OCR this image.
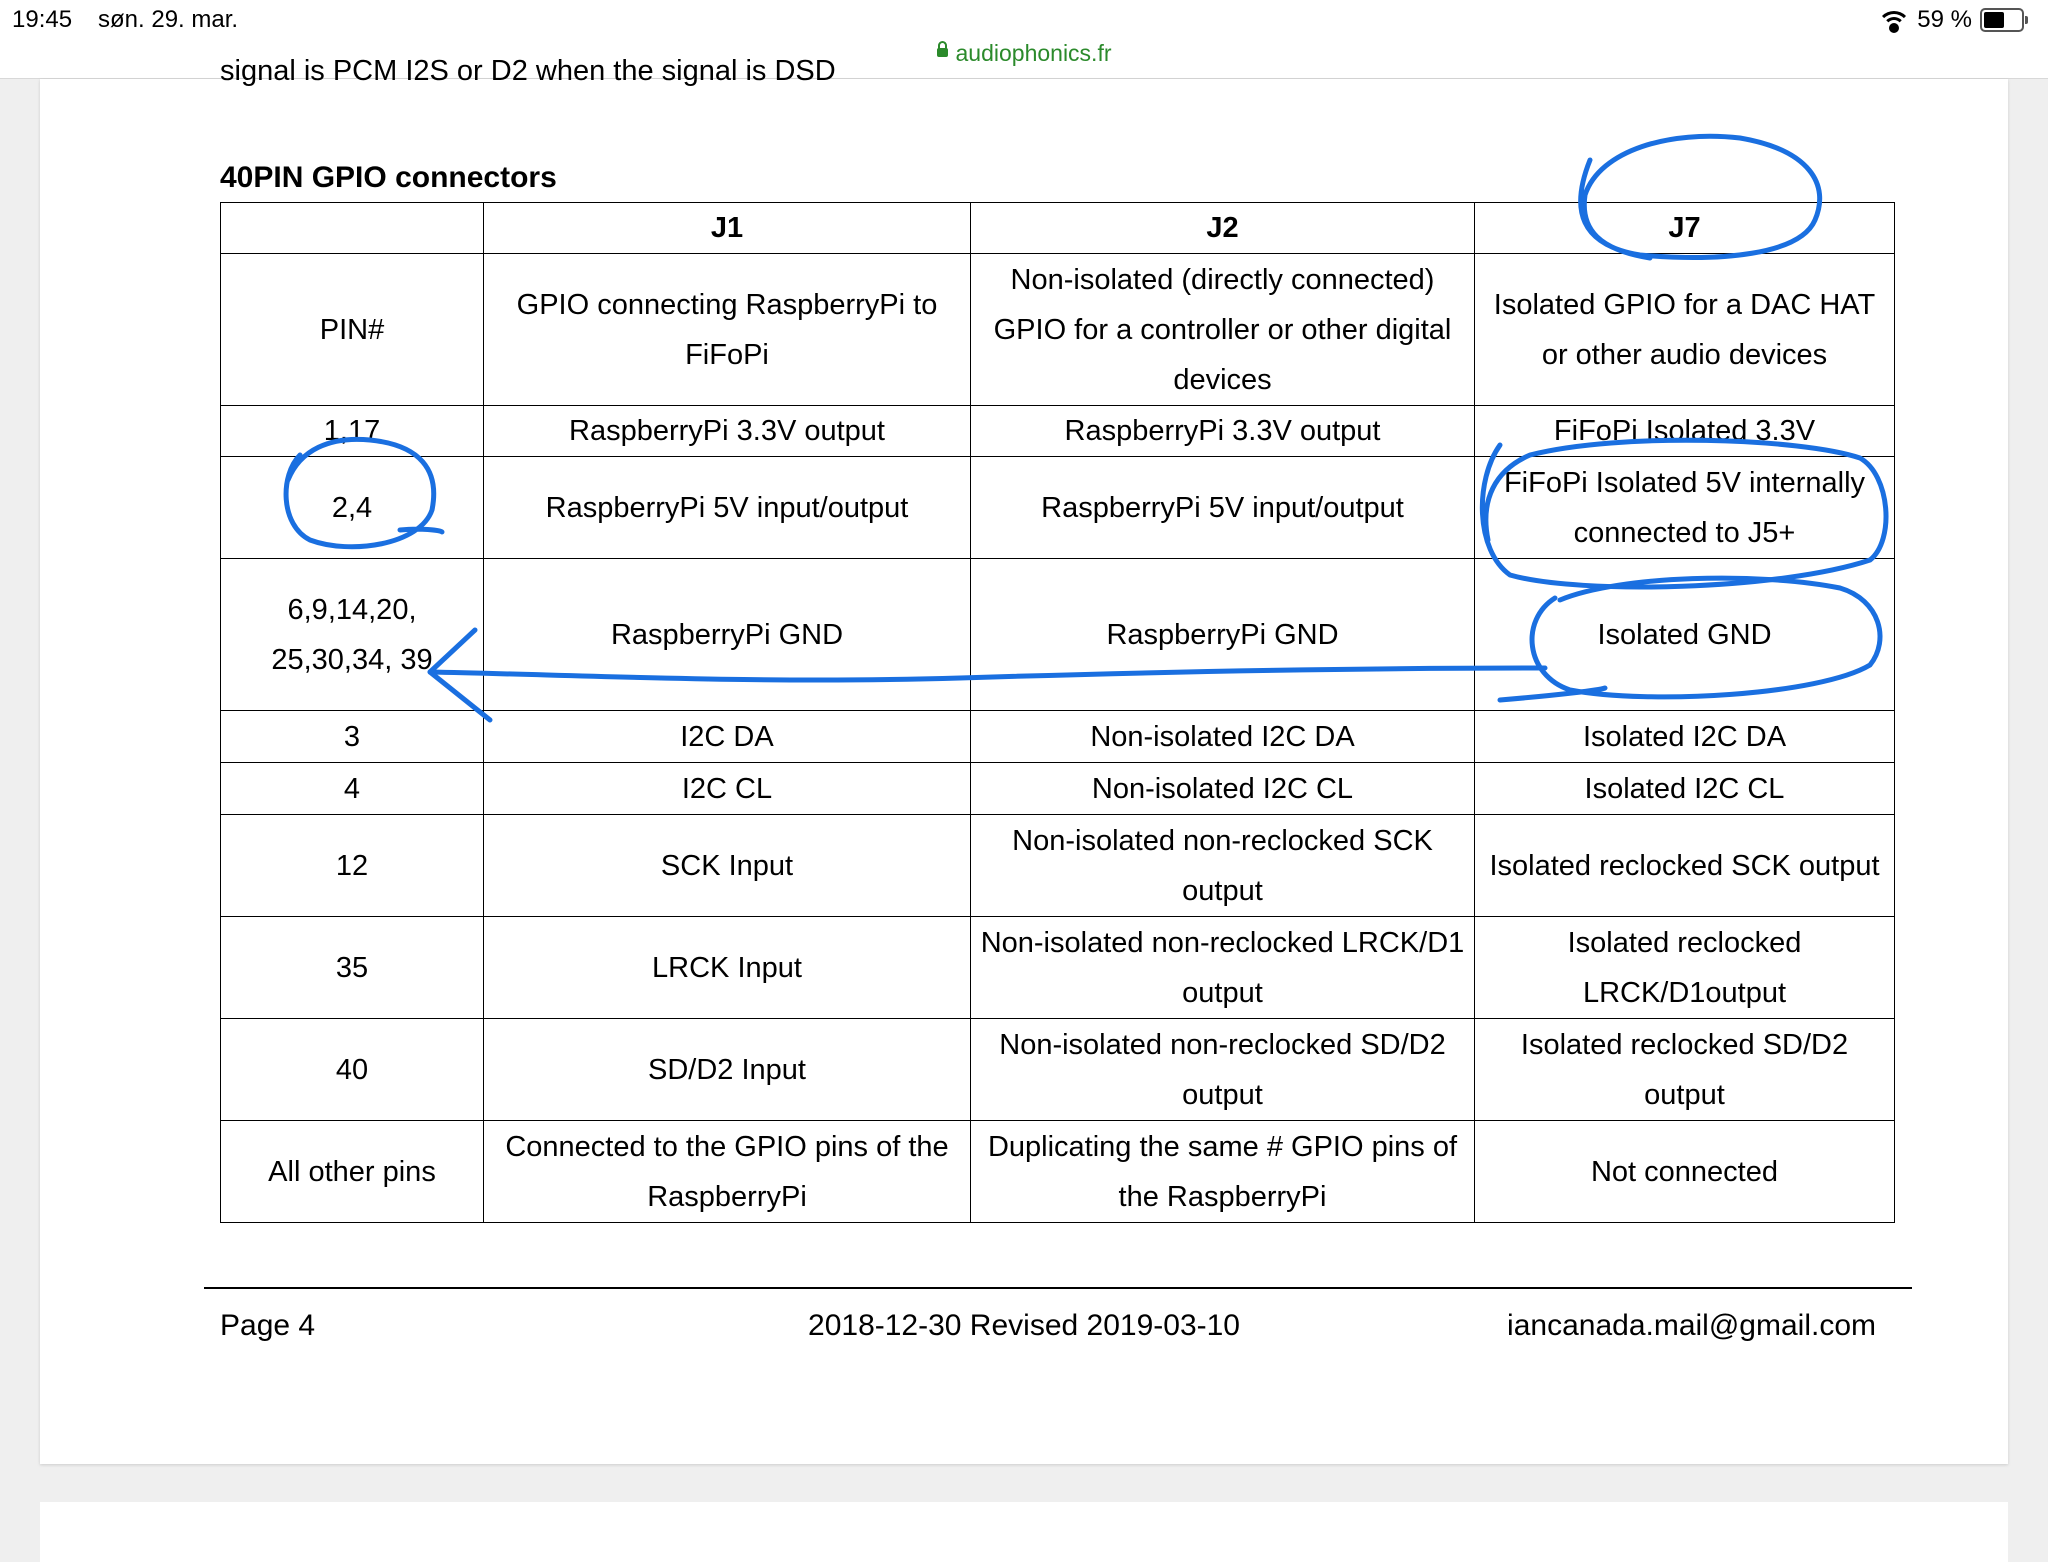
19:45 søn. 29. mar.	59 %
audiophonics.fr
signal is PCM I2S or D2 when the signal is DSD
40PIN GPIO connectors
	J1	J2	J7
PIN#	GPIO connecting RaspberryPi to FiFoPi	Non-isolated (directly connected) GPIO for a controller or other digital devices	Isolated GPIO for a DAC HAT or other audio devices
1,17	RaspberryPi 3.3V output	RaspberryPi 3.3V output	FiFoPi Isolated 3.3V
2,4	RaspberryPi 5V input/output	RaspberryPi 5V input/output	FiFoPi Isolated 5V internally connected to J5+
6,9,14,20, 25,30,34, 39	RaspberryPi GND	RaspberryPi GND	Isolated GND
3	I2C DA	Non-isolated I2C DA	Isolated I2C DA
4	I2C CL	Non-isolated I2C CL	Isolated I2C CL
12	SCK Input	Non-isolated non-reclocked SCK output	Isolated reclocked SCK output
35	LRCK Input	Non-isolated non-reclocked LRCK/D1 output	Isolated reclocked LRCK/D1output
40	SD/D2 Input	Non-isolated non-reclocked SD/D2 output	Isolated reclocked SD/D2 output
All other pins	Connected to the GPIO pins of the RaspberryPi	Duplicating the same # GPIO pins of the RaspberryPi	Not connected
Page 4	2018-12-30 Revised 2019-03-10	iancanada.mail@gmail.com
